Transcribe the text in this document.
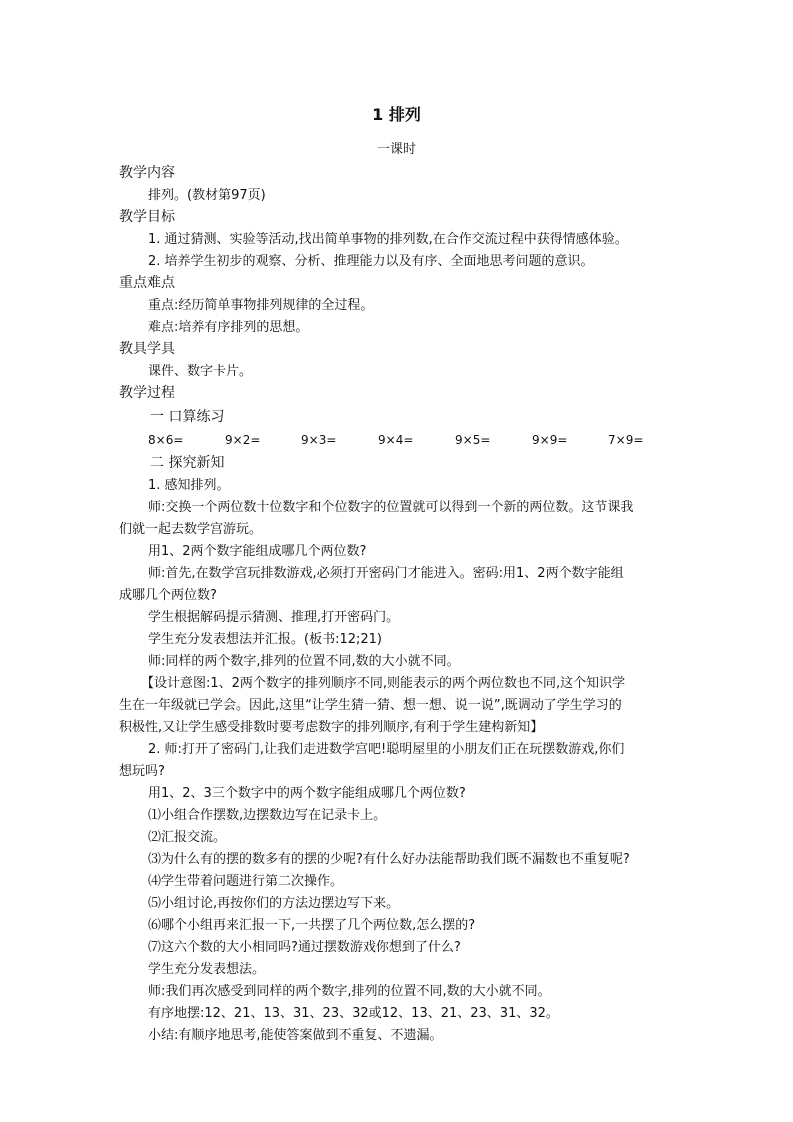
1 排列
一课时
教学内容
排列。(教材第97页)
教学目标
1. 通过猜测、实验等活动,找出简单事物的排列数,在合作交流过程中获得情感体验。
2. 培养学生初步的观察、分析、推理能力以及有序、全面地思考问题的意识。
重点难点
重点:经历简单事物排列规律的全过程。
难点:培养有序排列的思想。
教具学具
课件、数字卡片。
教学过程
一 口算练习
8×6=	9×2=	9×3=	9×4=	9×5=	9×9=	7×9=
二 探究新知
1. 感知排列。
师:交换一个两位数十位数字和个位数字的位置就可以得到一个新的两位数。这节课我
们就一起去数学宫游玩。
用1、2两个数字能组成哪几个两位数?
师:首先,在数学宫玩排数游戏,必须打开密码门才能进入。密码:用1、2两个数字能组
成哪几个两位数?
学生根据解码提示猜测、推理,打开密码门。
学生充分发表想法并汇报。(板书:12;21)
师:同样的两个数字,排列的位置不同,数的大小就不同。
【设计意图:1、2两个数字的排列顺序不同,则能表示的两个两位数也不同,这个知识学
生在一年级就已学会。因此,这里“让学生猜一猜、想一想、说一说”,既调动了学生学习的
积极性,又让学生感受排数时要考虑数字的排列顺序,有利于学生建构新知】
2. 师:打开了密码门,让我们走进数学宫吧!聪明屋里的小朋友们正在玩摆数游戏,你们
想玩吗?
用1、2、3三个数字中的两个数字能组成哪几个两位数?
⑴小组合作摆数,边摆数边写在记录卡上。
⑵汇报交流。
⑶为什么有的摆的数多有的摆的少呢?有什么好办法能帮助我们既不漏数也不重复呢?
⑷学生带着问题进行第二次操作。
⑸小组讨论,再按你们的方法边摆边写下来。
⑹哪个小组再来汇报一下,一共摆了几个两位数,怎么摆的?
⑺这六个数的大小相同吗?通过摆数游戏你想到了什么?
学生充分发表想法。
师:我们再次感受到同样的两个数字,排列的位置不同,数的大小就不同。
有序地摆:12、21、13、31、23、32或12、13、21、23、31、32。
小结:有顺序地思考,能使答案做到不重复、不遗漏。
